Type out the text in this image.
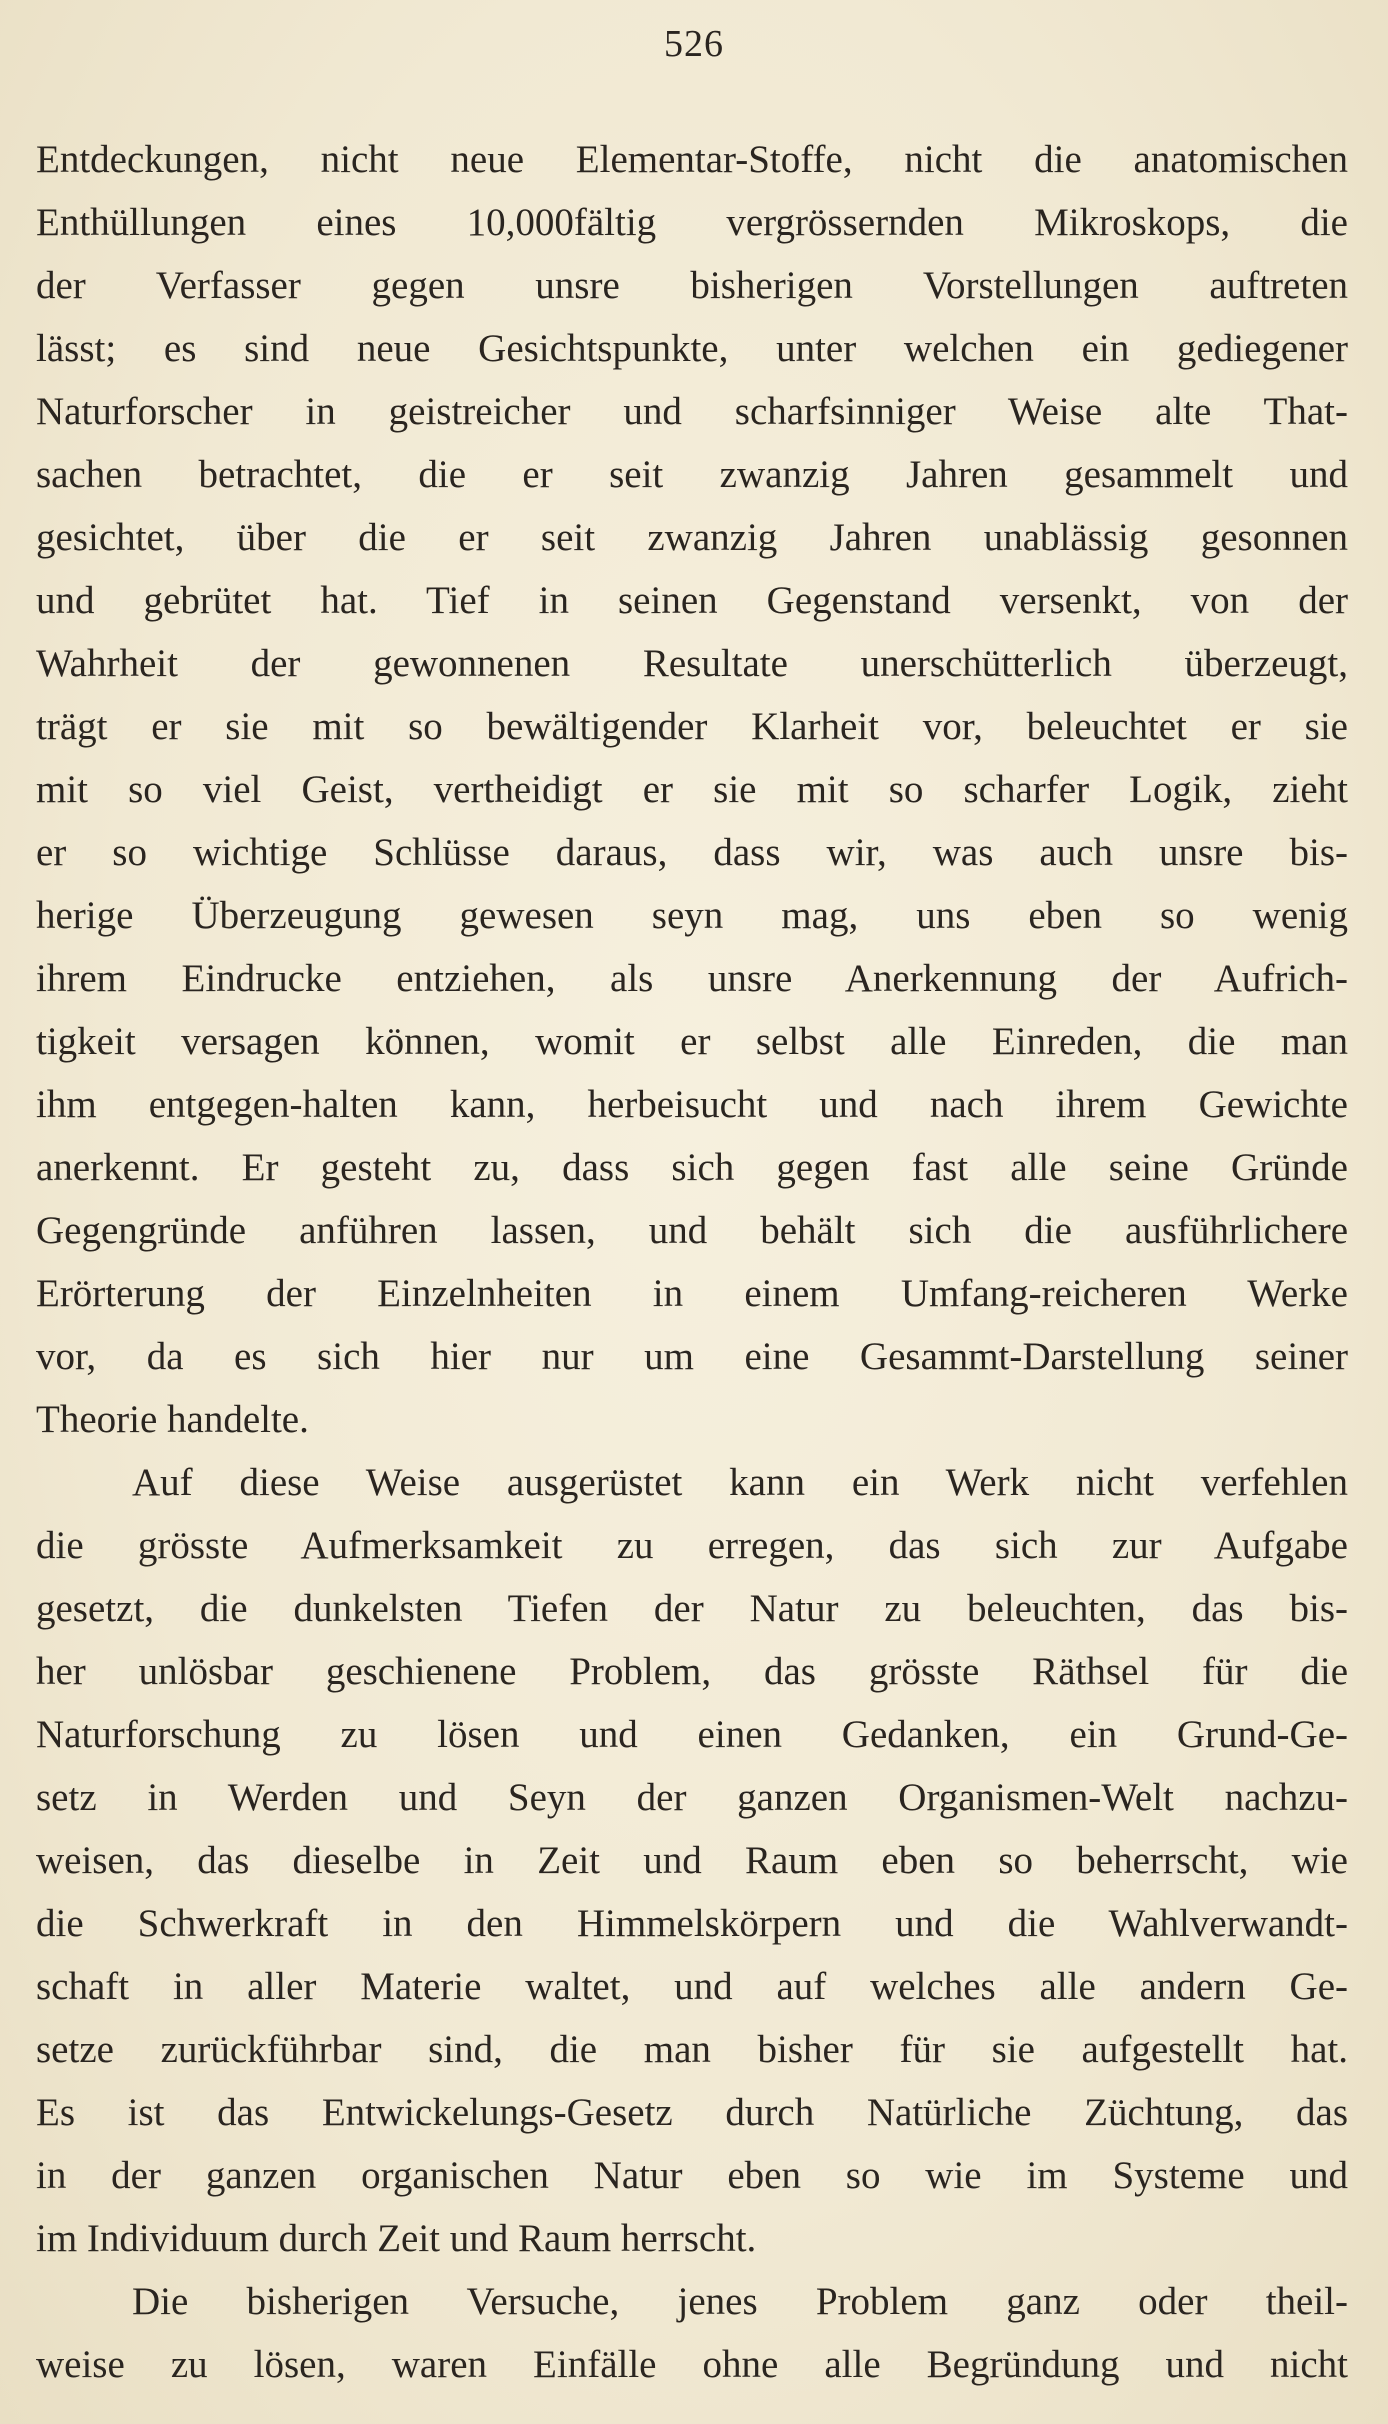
526
Entdeckungen, nicht neue Elementar-Stoffe, nicht die anatomischen
Enthüllungen eines 10,000fältig vergrössernden Mikroskops, die
der Verfasser gegen unsre bisherigen Vorstellungen auftreten
lässt; es sind neue Gesichtspunkte, unter welchen ein gediegener
Naturforscher in geistreicher und scharfsinniger Weise alte That-
sachen betrachtet, die er seit zwanzig Jahren gesammelt und
gesichtet, über die er seit zwanzig Jahren unablässig gesonnen
und gebrütet hat. Tief in seinen Gegenstand versenkt, von der
Wahrheit der gewonnenen Resultate unerschütterlich überzeugt,
trägt er sie mit so bewältigender Klarheit vor, beleuchtet er sie
mit so viel Geist, vertheidigt er sie mit so scharfer Logik, zieht
er so wichtige Schlüsse daraus, dass wir, was auch unsre bis-
herige Überzeugung gewesen seyn mag, uns eben so wenig
ihrem Eindrucke entziehen, als unsre Anerkennung der Aufrich-
tigkeit versagen können, womit er selbst alle Einreden, die man
ihm entgegen-halten kann, herbeisucht und nach ihrem Gewichte
anerkennt. Er gesteht zu, dass sich gegen fast alle seine Gründe
Gegengründe anführen lassen, und behält sich die ausführlichere
Erörterung der Einzelnheiten in einem Umfang-reicheren Werke
vor, da es sich hier nur um eine Gesammt-Darstellung seiner
Theorie handelte.
Auf diese Weise ausgerüstet kann ein Werk nicht verfehlen
die grösste Aufmerksamkeit zu erregen, das sich zur Aufgabe
gesetzt, die dunkelsten Tiefen der Natur zu beleuchten, das bis-
her unlösbar geschienene Problem, das grösste Räthsel für die
Naturforschung zu lösen und einen Gedanken, ein Grund-Ge-
setz in Werden und Seyn der ganzen Organismen-Welt nachzu-
weisen, das dieselbe in Zeit und Raum eben so beherrscht, wie
die Schwerkraft in den Himmelskörpern und die Wahlverwandt-
schaft in aller Materie waltet, und auf welches alle andern Ge-
setze zurückführbar sind, die man bisher für sie aufgestellt hat.
Es ist das Entwickelungs-Gesetz durch Natürliche Züchtung, das
in der ganzen organischen Natur eben so wie im Systeme und
im Individuum durch Zeit und Raum herrscht.
Die bisherigen Versuche, jenes Problem ganz oder theil-
weise zu lösen, waren Einfälle ohne alle Begründung und nicht
